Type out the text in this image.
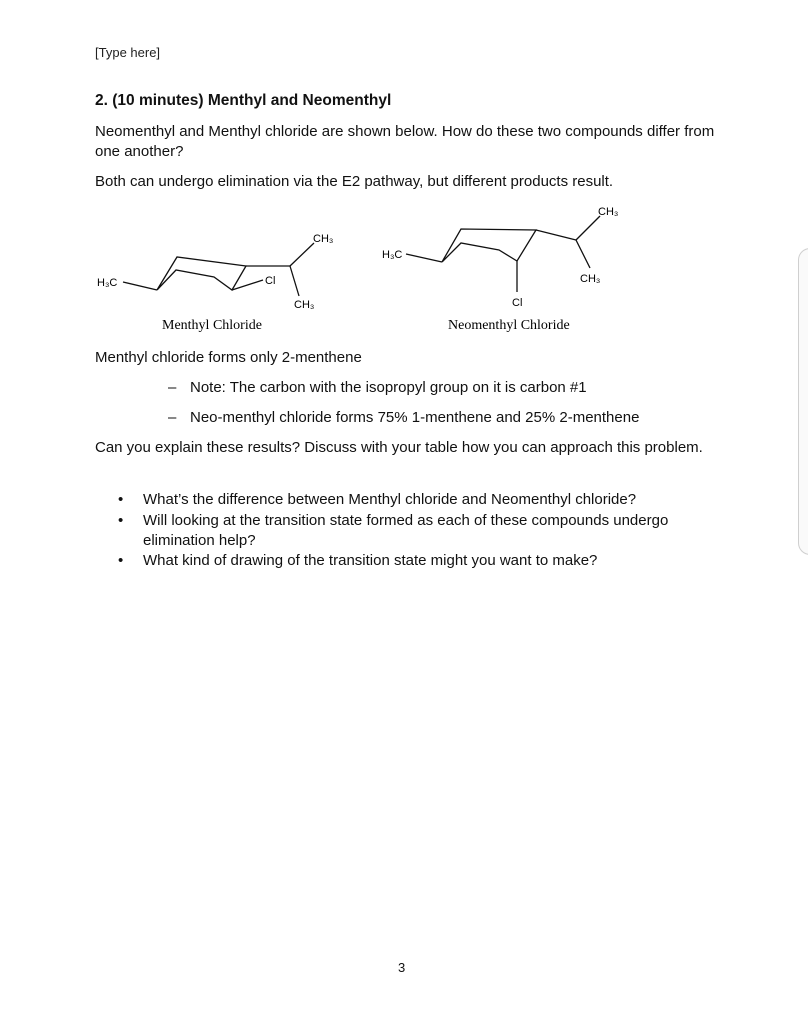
[Type here]
2. (10 minutes) Menthyl and Neomenthyl
Neomenthyl and Menthyl chloride are shown below. How do these two compounds differ from one another?
Both can undergo elimination via the E2 pathway, but different products result.
H₃C	Cl
CH₃
CH₃
Menthyl Chloride
H₃C
Cl
CH₃
CH₃
Neomenthyl Chloride
Menthyl chloride forms only 2-menthene
– Note: The carbon with the isopropyl group on it is carbon #1
– Neo-menthyl chloride forms 75% 1-menthene and 25% 2-menthene
Can you explain these results? Discuss with your table how you can approach this problem.
• What’s the difference between Menthyl chloride and Neomenthyl chloride?
• Will looking at the transition state formed as each of these compounds undergo elimination help?
• What kind of drawing of the transition state might you want to make?
3
